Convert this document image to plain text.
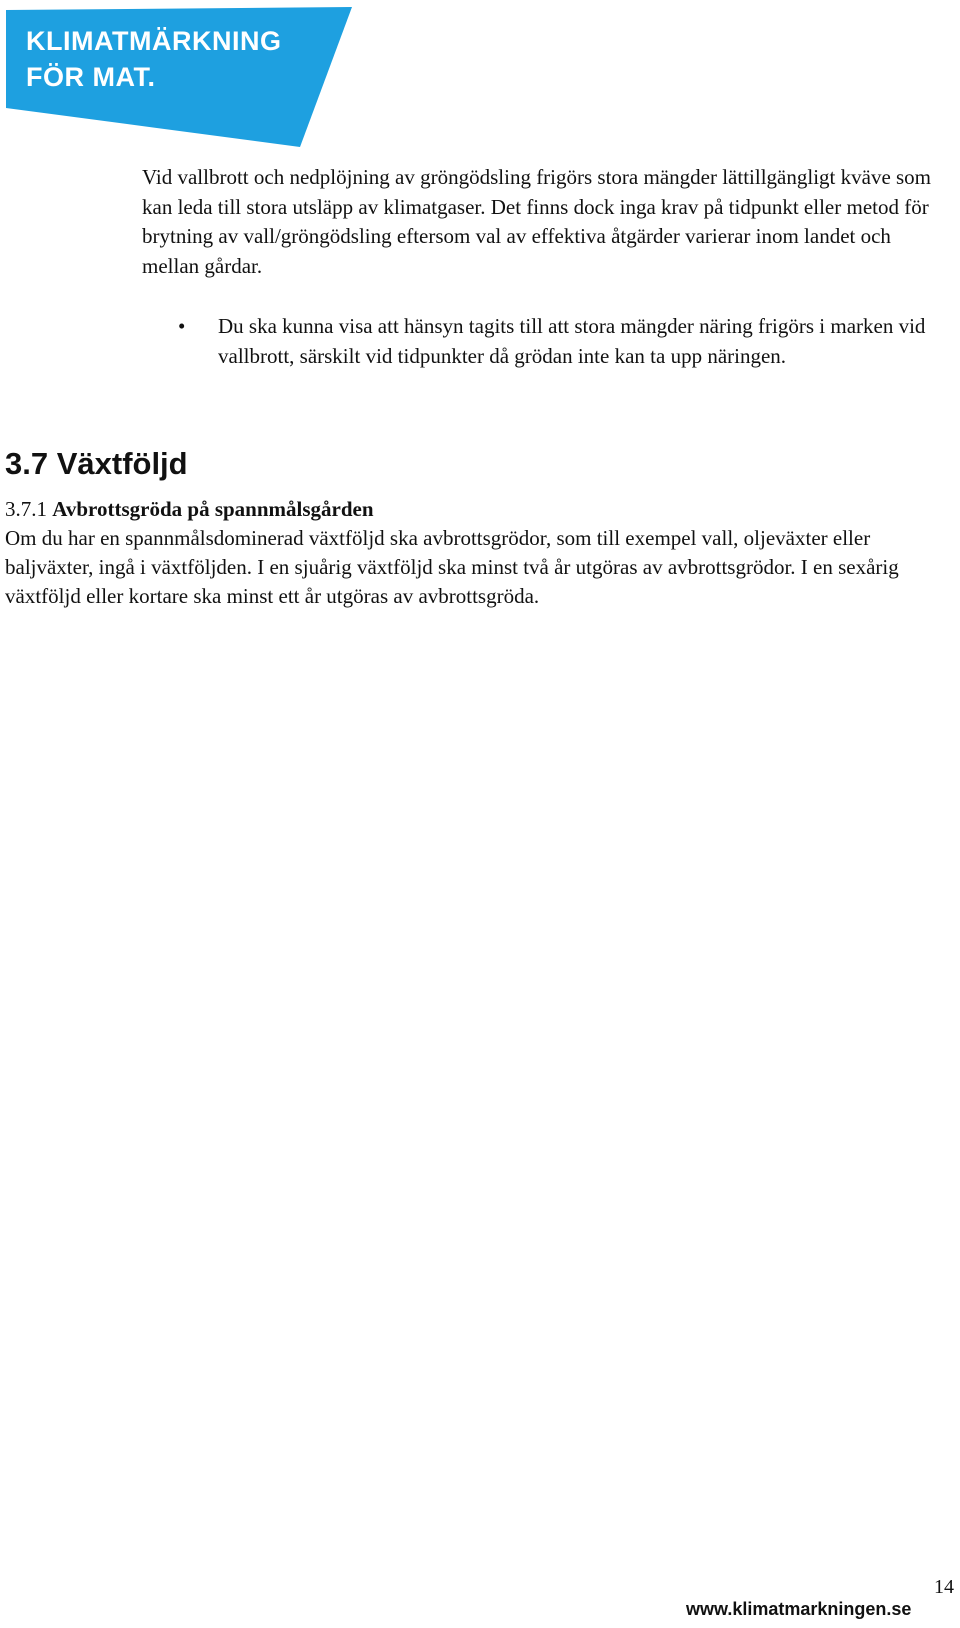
KLIMATMÄRKNING
FÖR MAT.

Vid vallbrott och nedplöjning av gröngödsling frigörs stora mängder lättillgängligt kväve som kan leda till stora utsläpp av klimatgaser. Det finns dock inga krav på tidpunkt eller metod för brytning av vall/gröngödsling eftersom val av effektiva åtgärder varierar inom landet och mellan gårdar.

• Du ska kunna visa att hänsyn tagits till att stora mängder näring frigörs i marken vid vallbrott, särskilt vid tidpunkter då grödan inte kan ta upp näringen.
3.7 Växtföljd
3.7.1 Avbrottsgröda på spannmålsgården

Om du har en spannmålsdominerad växtföljd ska avbrottsgrödor, som till exempel vall, oljeväxter eller baljväxter, ingå i växtföljden. I en sjuårig växtföljd ska minst två år utgöras av avbrottsgrödor. I en sexårig växtföljd eller kortare ska minst ett år utgöras av avbrottsgröda.

www.klimatmarkningen.se

14
